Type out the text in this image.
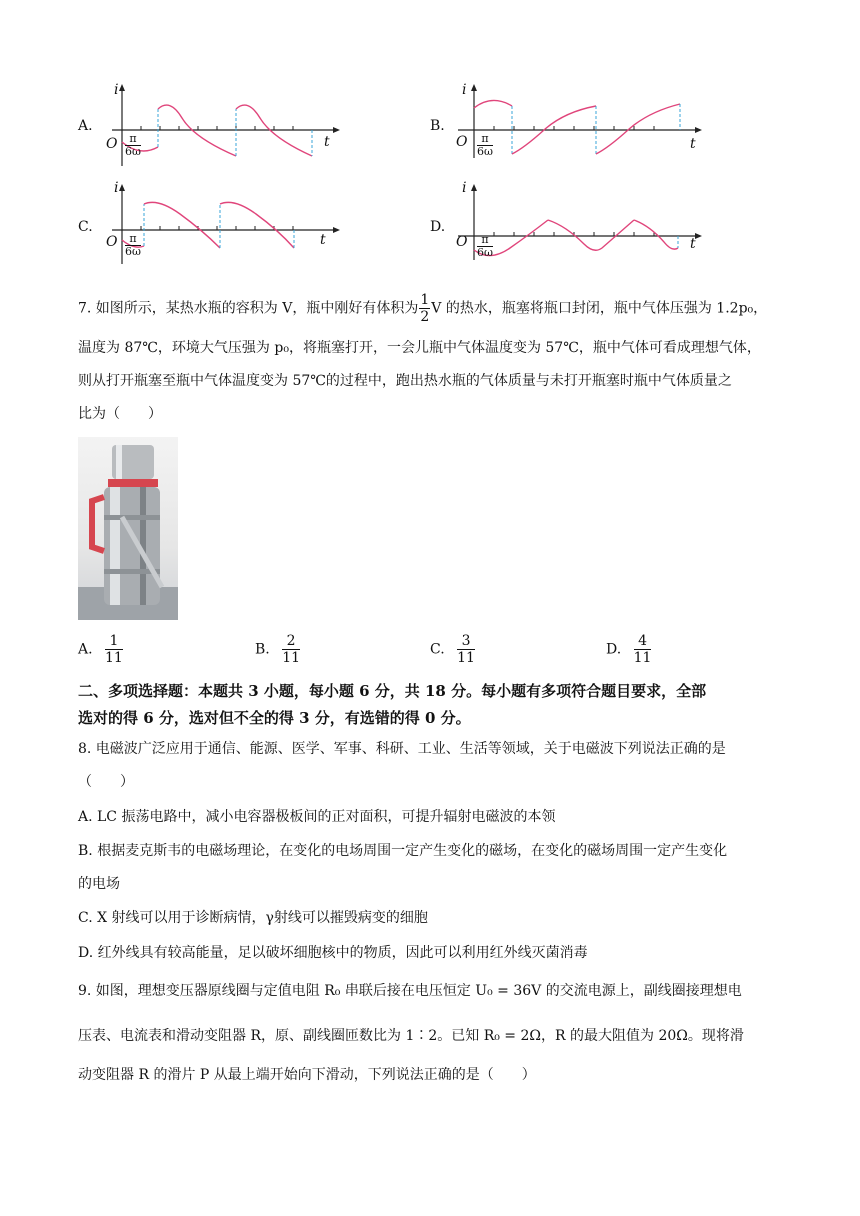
A.
i
t
O $\frac{\pi}{6\omega}$
B.
i
t
O $\frac{\pi}{6\omega}$
C.
i
t
O $\frac{\pi}{6\omega}$
D.
i
t
O $\frac{\pi}{6\omega}$
7. 如图所示，某热水瓶的容积为 V，瓶中刚好有体积为 $\frac{1}{2}$ V 的热水，瓶塞将瓶口封闭，瓶中气体压强为 1.2p₀，
温度为 87℃，环境大气压强为 p₀，将瓶塞打开，一会儿瓶中气体温度变为 57℃，瓶中气体可看成理想气体，
则从打开瓶塞至瓶中气体温度变为 57℃的过程中，跑出热水瓶的气体质量与未打开瓶塞时瓶中气体质量之
比为（　　）
A. $\frac{1}{11}$	B. $\frac{2}{11}$	C. $\frac{3}{11}$	D. $\frac{4}{11}$
二、多项选择题：本题共 3 小题，每小题 6 分，共 18 分。每小题有多项符合题目要求，全部
选对的得 6 分，选对但不全的得 3 分，有选错的得 0 分。
8. 电磁波广泛应用于通信、能源、医学、军事、科研、工业、生活等领域，关于电磁波下列说法正确的是
（　　）
A. LC 振荡电路中，减小电容器极板间的正对面积，可提升辐射电磁波的本领
B. 根据麦克斯韦的电磁场理论，在变化的电场周围一定产生变化的磁场，在变化的磁场周围一定产生变化
的电场
C. X 射线可以用于诊断病情，γ射线可以摧毁病变的细胞
D. 红外线具有较高能量，足以破坏细胞核中的物质，因此可以利用红外线灭菌消毒
9. 如图，理想变压器原线圈与定值电阻 R₀ 串联后接在电压恒定 U₀ = 36V 的交流电源上，副线圈接理想电
压表、电流表和滑动变阻器 R，原、副线圈匝数比为 1∶2。已知 R₀ = 2Ω，R 的最大阻值为 20Ω。现将滑
动变阻器 R 的滑片 P 从最上端开始向下滑动，下列说法正确的是（　　）
